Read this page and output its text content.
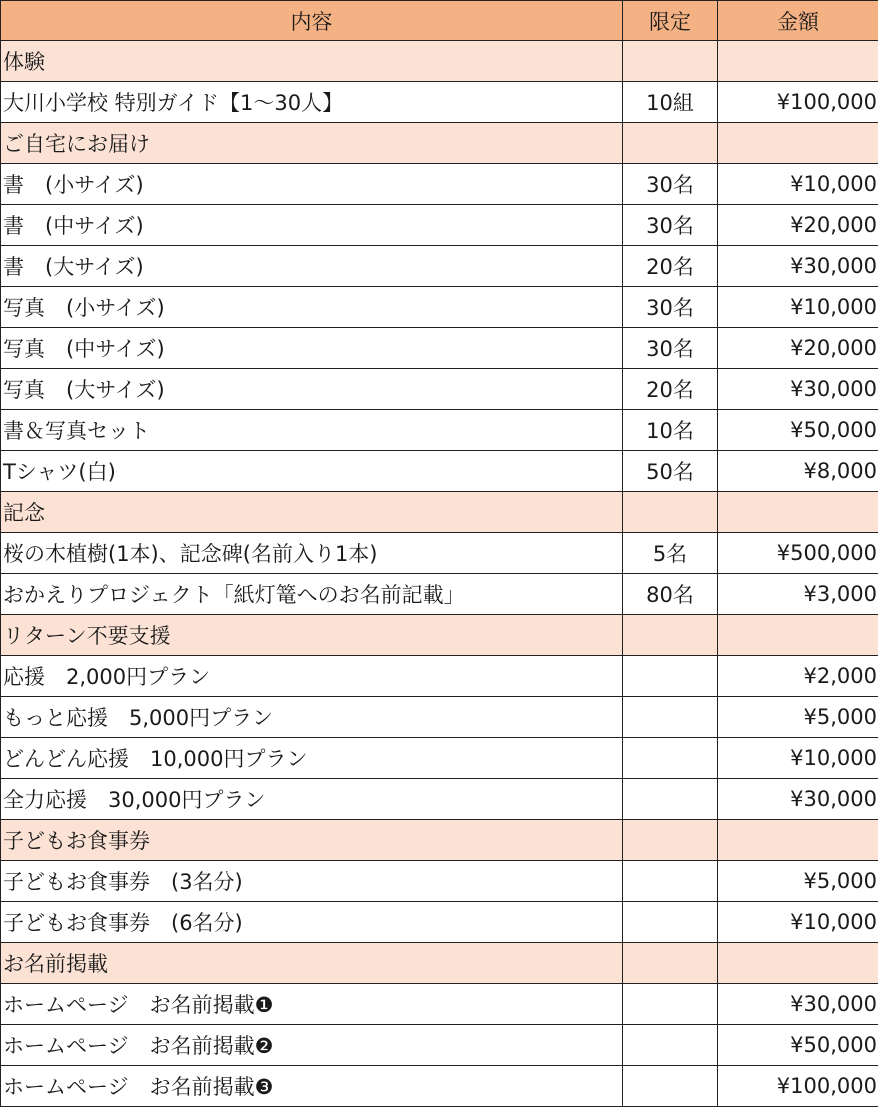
内容	限定	金額
体験		
大川小学校 特別ガイド【1～30人】	10組	¥100,000
ご自宅にお届け		
書　(小サイズ)	30名	¥10,000
書　(中サイズ)	30名	¥20,000
書　(大サイズ)	20名	¥30,000
写真　(小サイズ)	30名	¥10,000
写真　(中サイズ)	30名	¥20,000
写真　(大サイズ)	20名	¥30,000
書＆写真セット	10名	¥50,000
Tシャツ(白)	50名	¥8,000
記念		
桜の木植樹(1本)、記念碑(名前入り1本)	5名	¥500,000
おかえりプロジェクト「紙灯篭へのお名前記載」	80名	¥3,000
リターン不要支援		
応援　2,000円プラン		¥2,000
もっと応援　5,000円プラン		¥5,000
どんどん応援　10,000円プラン		¥10,000
全力応援　30,000円プラン		¥30,000
子どもお食事券		
子どもお食事券　(3名分)		¥5,000
子どもお食事券　(6名分)		¥10,000
お名前掲載		
ホームページ　お名前掲載❶		¥30,000
ホームページ　お名前掲載❷		¥50,000
ホームページ　お名前掲載❸		¥100,000
